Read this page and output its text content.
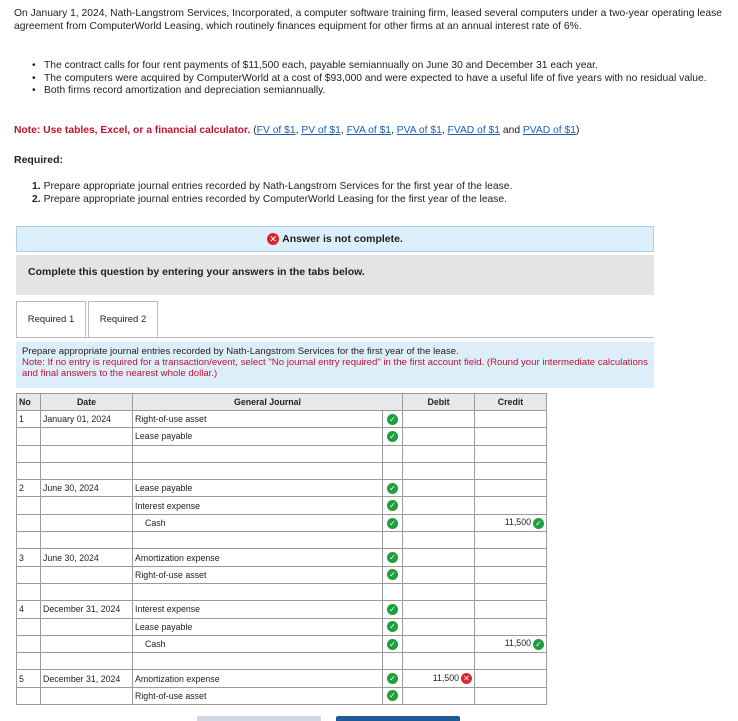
On January 1, 2024, Nath-Langstrom Services, Incorporated, a computer software training firm, leased several computers under a two-year operating lease agreement from ComputerWorld Leasing, which routinely finances equipment for other firms at an annual interest rate of 6%.
• The contract calls for four rent payments of $11,500 each, payable semiannually on June 30 and December 31 each year.
• The computers were acquired by ComputerWorld at a cost of $93,000 and were expected to have a useful life of five years with no residual value.
• Both firms record amortization and depreciation semiannually.
Note: Use tables, Excel, or a financial calculator. (FV of $1, PV of $1, FVA of $1, PVA of $1, FVAD of $1 and PVAD of $1)
Required:
1. Prepare appropriate journal entries recorded by Nath-Langstrom Services for the first year of the lease.
2. Prepare appropriate journal entries recorded by ComputerWorld Leasing for the first year of the lease.
✕ Answer is not complete.
Complete this question by entering your answers in the tabs below.
Required 1	Required 2
Prepare appropriate journal entries recorded by Nath-Langstrom Services for the first year of the lease.
Note: If no entry is required for a transaction/event, select "No journal entry required" in the first account field. (Round your intermediate calculations and final answers to the nearest whole dollar.)
No	Date	General Journal		Debit	Credit
1	January 01, 2024	Right-of-use asset	✓		
		Lease payable	✓		

2	June 30, 2024	Lease payable	✓		
		Interest expense	✓		
		Cash	✓		11,500 ✓

3	June 30, 2024	Amortization expense	✓		
		Right-of-use asset	✓		

4	December 31, 2024	Interest expense	✓		
		Lease payable	✓		
		Cash	✓		11,500 ✓

5	December 31, 2024	Amortization expense	✓	11,500 ✕	
		Right-of-use asset	✓		
